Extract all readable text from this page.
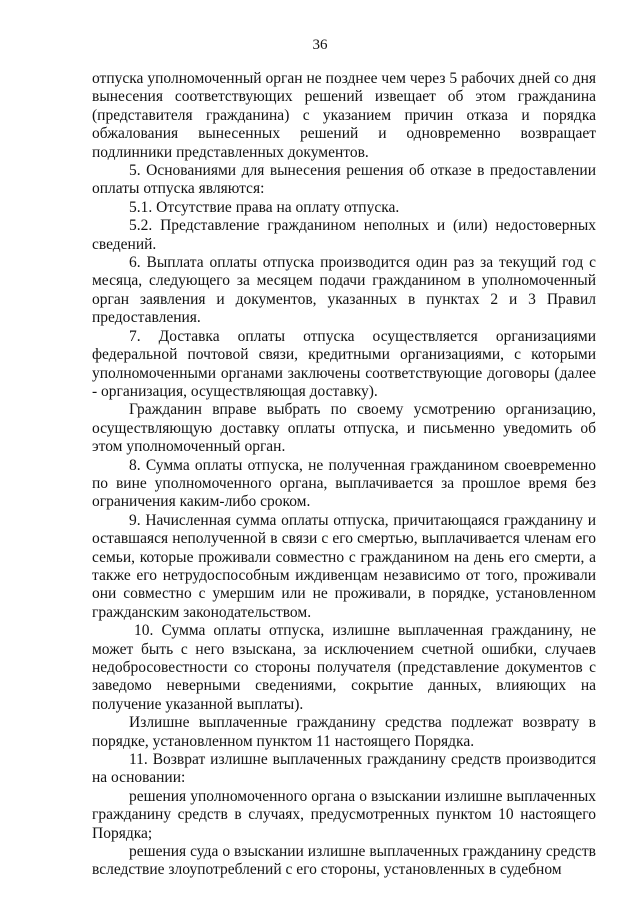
36

отпуска уполномоченный орган не позднее чем через 5 рабочих дней со дня вынесения соответствующих решений извещает об этом гражданина (представителя гражданина) с указанием причин отказа и порядка обжалования вынесенных решений и одновременно возвращает подлинники представленных документов.

5. Основаниями для вынесения решения об отказе в предоставлении оплаты отпуска являются:

5.1. Отсутствие права на оплату отпуска.

5.2. Представление гражданином неполных и (или) недостоверных сведений.

6. Выплата оплаты отпуска производится один раз за текущий год с месяца, следующего за месяцем подачи гражданином в уполномоченный орган заявления и документов, указанных в пунктах 2 и 3 Правил предоставления.

7. Доставка оплаты отпуска осуществляется организациями федеральной почтовой связи, кредитными организациями, с которыми уполномоченными органами заключены соответствующие договоры (далее - организация, осуществляющая доставку).

Гражданин вправе выбрать по своему усмотрению организацию, осуществляющую доставку оплаты отпуска, и письменно уведомить об этом уполномоченный орган.

8. Сумма оплаты отпуска, не полученная гражданином своевременно по вине уполномоченного органа, выплачивается за прошлое время без ограничения каким-либо сроком.

9. Начисленная сумма оплаты отпуска, причитающаяся гражданину и оставшаяся неполученной в связи с его смертью, выплачивается членам его семьи, которые проживали совместно с гражданином на день его смерти, а также его нетрудоспособным иждивенцам независимо от того, проживали они совместно с умершим или не проживали, в порядке, установленном гражданским законодательством.

10. Сумма оплаты отпуска, излишне выплаченная гражданину, не может быть с него взыскана, за исключением счетной ошибки, случаев недобросовестности со стороны получателя (представление документов с заведомо неверными сведениями, сокрытие данных, влияющих на получение указанной выплаты).

Излишне выплаченные гражданину средства подлежат возврату в порядке, установленном пунктом 11 настоящего Порядка.

11. Возврат излишне выплаченных гражданину средств производится на основании:

решения уполномоченного органа о взыскании излишне выплаченных гражданину средств в случаях, предусмотренных пунктом 10 настоящего Порядка;

решения суда о взыскании излишне выплаченных гражданину средств вследствие злоупотреблений с его стороны, установленных в судебном
